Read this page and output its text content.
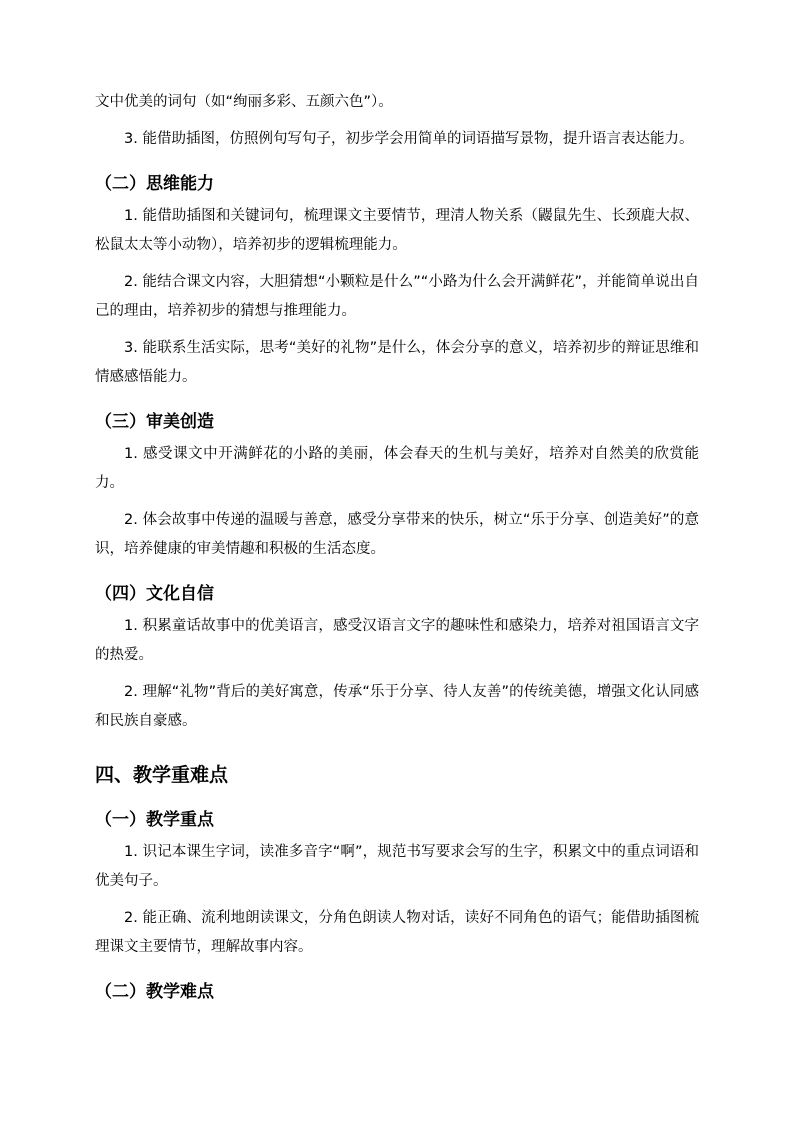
文中优美的词句（如“绚丽多彩、五颜六色”）。

3. 能借助插图，仿照例句写句子，初步学会用简单的词语描写景物，提升语言表达能力。

（二）思维能力

1. 能借助插图和关键词句，梳理课文主要情节，理清人物关系（鼹鼠先生、长颈鹿大叔、松鼠太太等小动物），培养初步的逻辑梳理能力。

2. 能结合课文内容，大胆猜想“小颗粒是什么”“小路为什么会开满鲜花”，并能简单说出自己的理由，培养初步的猜想与推理能力。

3. 能联系生活实际，思考“美好的礼物”是什么，体会分享的意义，培养初步的辩证思维和情感感悟能力。

（三）审美创造

1. 感受课文中开满鲜花的小路的美丽，体会春天的生机与美好，培养对自然美的欣赏能力。

2. 体会故事中传递的温暖与善意，感受分享带来的快乐，树立“乐于分享、创造美好”的意识，培养健康的审美情趣和积极的生活态度。

（四）文化自信

1. 积累童话故事中的优美语言，感受汉语言文字的趣味性和感染力，培养对祖国语言文字的热爱。

2. 理解“礼物”背后的美好寓意，传承“乐于分享、待人友善”的传统美德，增强文化认同感和民族自豪感。

四、教学重难点
（一）教学重点

1. 识记本课生字词，读准多音字“啊”，规范书写要求会写的生字，积累文中的重点词语和优美句子。

2. 能正确、流利地朗读课文，分角色朗读人物对话，读好不同角色的语气；能借助插图梳理课文主要情节，理解故事内容。

（二）教学难点
